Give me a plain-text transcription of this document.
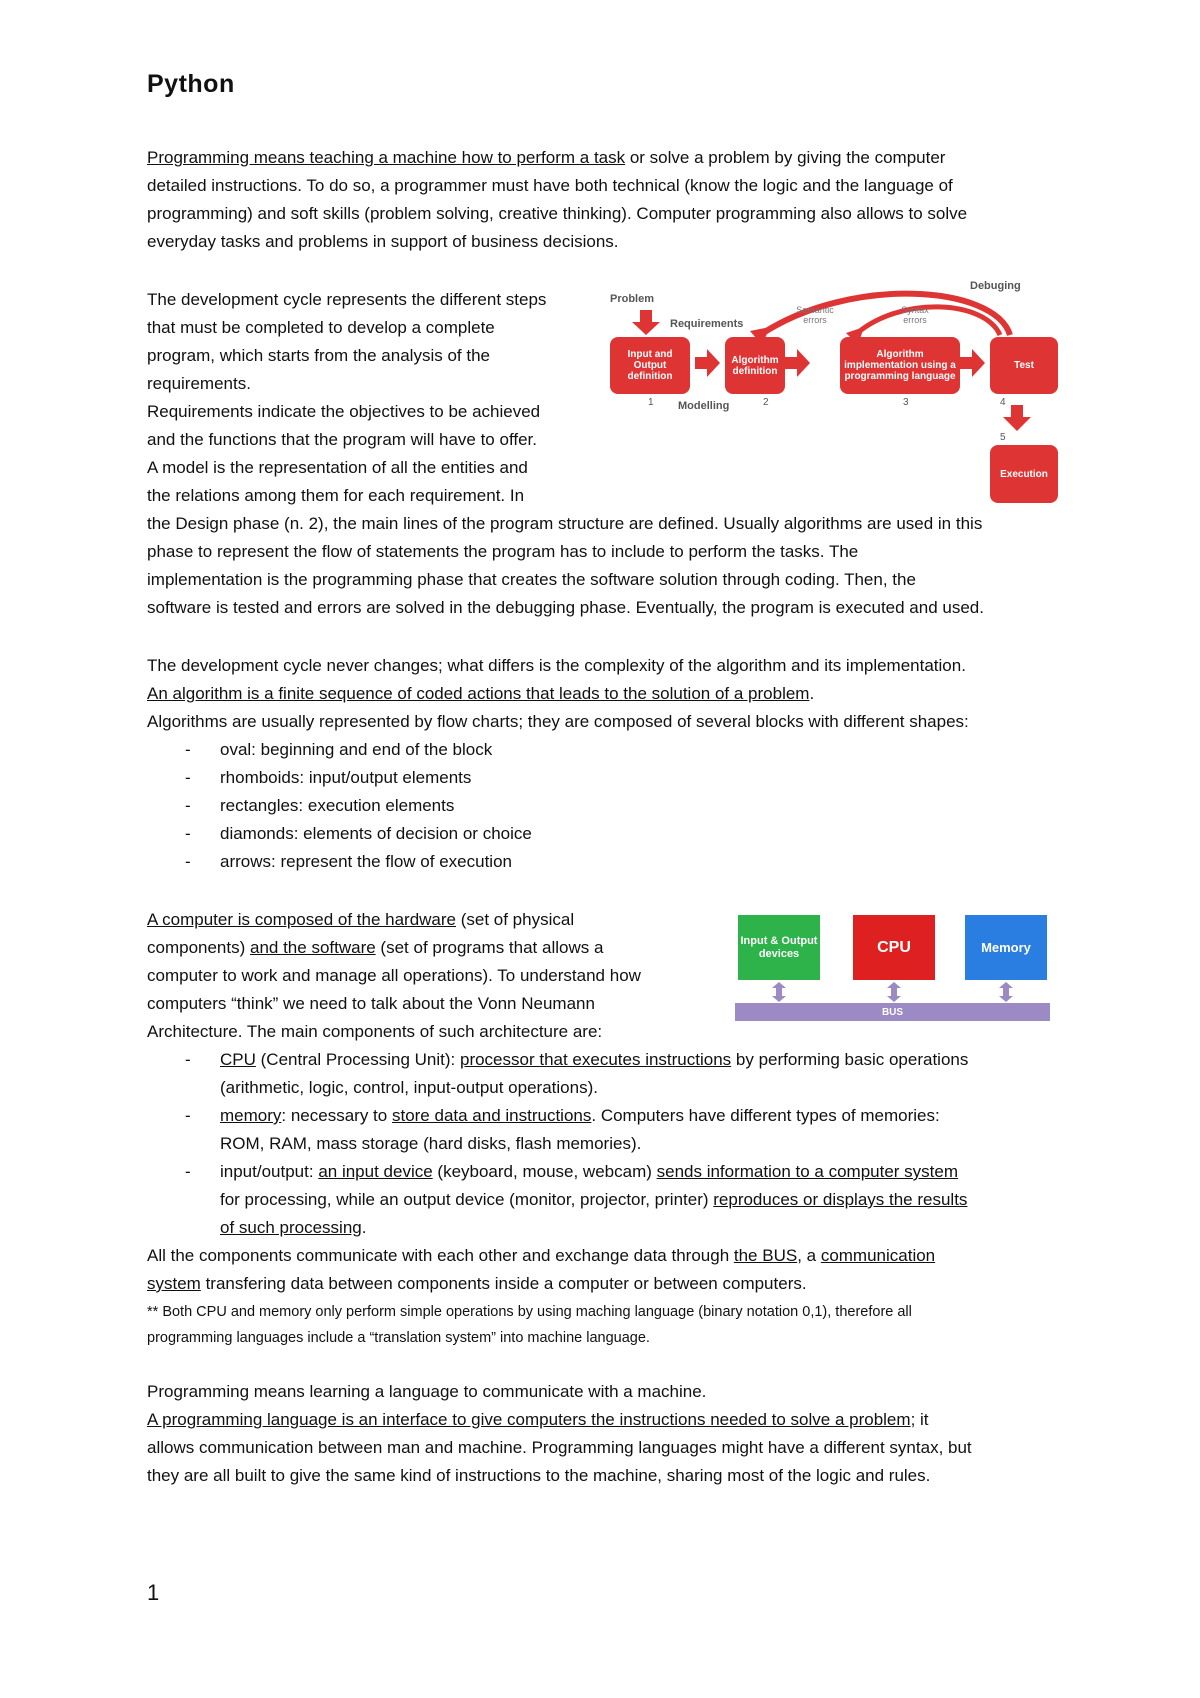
Python
Programming means teaching a machine how to perform a task or solve a problem by giving the computer
detailed instructions. To do so, a programmer must have both technical (know the logic and the language of
programming) and soft skills (problem solving, creative thinking). Computer programming also allows to solve
everyday tasks and problems in support of business decisions.
The development cycle represents the different steps
that must be completed to develop a complete
program, which starts from the analysis of the
requirements.
Requirements indicate the objectives to be achieved
and the functions that the program will have to offer.
A model is the representation of all the entities and
the relations among them for each requirement. In
the Design phase (n. 2), the main lines of the program structure are defined. Usually algorithms are used in this
phase to represent the flow of statements the program has to include to perform the tasks. The
implementation is the programming phase that creates the software solution through coding. Then, the
software is tested and errors are solved in the debugging phase. Eventually, the program is executed and used.
Problem
Requirements
Debuging
Semantic errors
Syntax errors
Input and Output definition
Algorithm definition
Algorithm implementation using a programming language
Test
Execution
1	2	3	4
5
Modelling
The development cycle never changes; what differs is the complexity of the algorithm and its implementation.
An algorithm is a finite sequence of coded actions that leads to the solution of a problem.
Algorithms are usually represented by flow charts; they are composed of several blocks with different shapes:
- oval: beginning and end of the block
- rhomboids: input/output elements
- rectangles: execution elements
- diamonds: elements of decision or choice
- arrows: represent the flow of execution
A computer is composed of the hardware (set of physical
components) and the software (set of programs that allows a
computer to work and manage all operations). To understand how
computers “think” we need to talk about the Vonn Neumann
Architecture. The main components of such architecture are:
Input & Output devices	CPU	Memory
BUS
- CPU (Central Processing Unit): processor that executes instructions by performing basic operations
(arithmetic, logic, control, input-output operations).
- memory: necessary to store data and instructions. Computers have different types of memories:
ROM, RAM, mass storage (hard disks, flash memories).
- input/output: an input device (keyboard, mouse, webcam) sends information to a computer system
for processing, while an output device (monitor, projector, printer) reproduces or displays the results
of such processing.
All the components communicate with each other and exchange data through the BUS, a communication
system transfering data between components inside a computer or between computers.
** Both CPU and memory only perform simple operations by using maching language (binary notation 0,1), therefore all
programming languages include a “translation system” into machine language.
Programming means learning a language to communicate with a machine.
A programming language is an interface to give computers the instructions needed to solve a problem; it
allows communication between man and machine. Programming languages might have a different syntax, but
they are all built to give the same kind of instructions to the machine, sharing most of the logic and rules.
1
